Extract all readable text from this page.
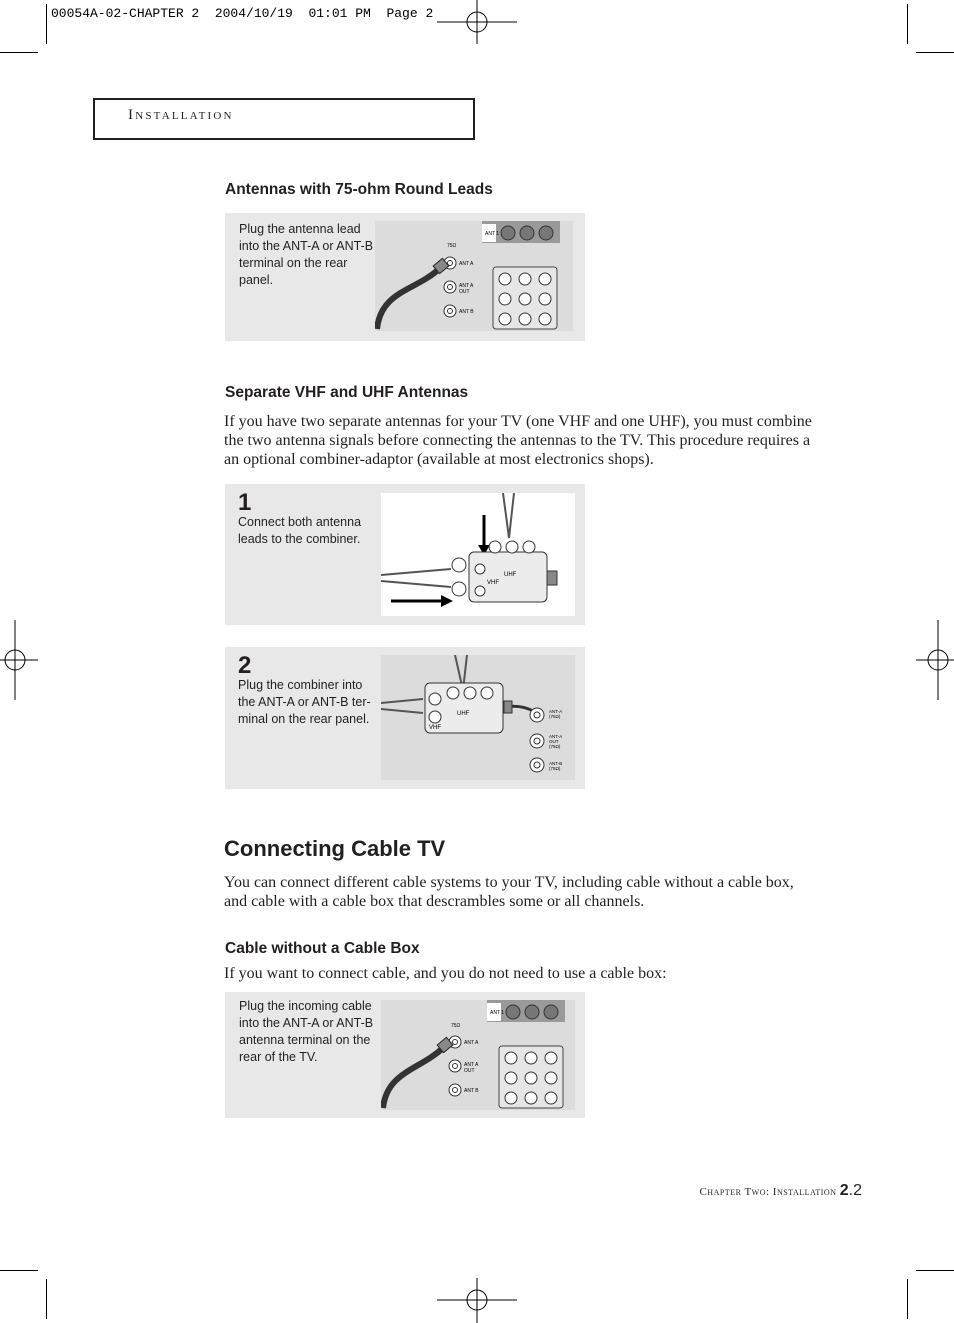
00054A-02-CHAPTER 2  2004/10/19  01:01 PM  Page 2
Installation
Antennas with 75-ohm Round Leads
Plug the antenna lead
into the ANT-A or ANT-B
terminal on the rear
panel.
ANT 1
75Ω
ANT A
ANT A
OUT
ANT B
Separate VHF and UHF Antennas

If you have two separate antennas for your TV (one VHF and one UHF), you must combine

the two antenna signals before connecting the antennas to the TV. This procedure requires a

an optional combiner-adaptor (available at most electronics shops).

1
Connect both antenna
leads to the combiner.
VHF
UHF
2
Plug the combiner into
the ANT-A or ANT-B ter-
minal on the rear panel.
VHF
UHF	ANT-A
(75Ω)
ANT-A
OUT
(75Ω)
ANT-B
(75Ω)
Connecting Cable TV

You can connect different cable systems to your TV, including cable without a cable box,

and cable with a cable box that descrambles some or all channels.

Cable without a Cable Box

If you want to connect cable, and you do not need to use a cable box:

Plug the incoming cable
into the ANT-A or ANT-B
antenna terminal on the
rear of the TV.
ANT 1
75Ω
ANT A
ANT A
OUT
ANT B
Chapter Two: Installation 2.2
